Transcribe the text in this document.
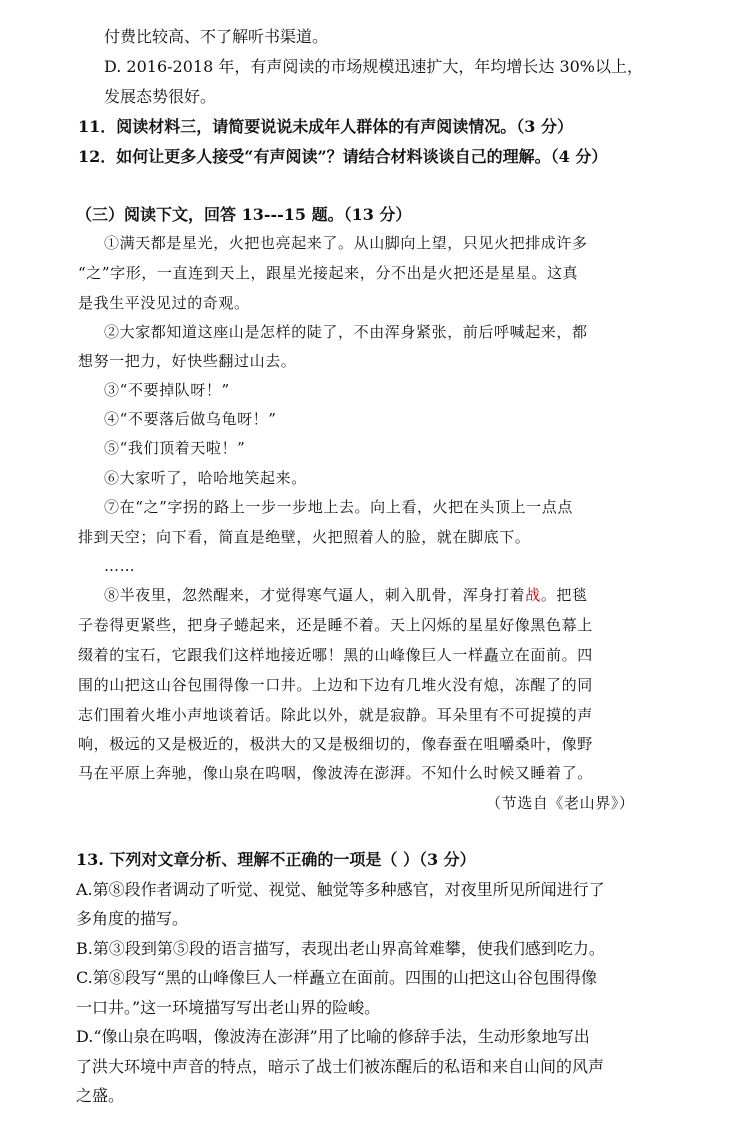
付费比较高、不了解听书渠道。
D. 2016-2018 年，有声阅读的市场规模迅速扩大，年均增长达 30%以上，
发展态势很好。
11．阅读材料三，请简要说说未成年人群体的有声阅读情况。（3 分）
12．如何让更多人接受“有声阅读”？请结合材料谈谈自己的理解。（4 分）
（三）阅读下文，回答 13---15 题。（13 分）
①满天都是星光，火把也亮起来了。从山脚向上望，只见火把排成许多
“之”字形，一直连到天上，跟星光接起来，分不出是火把还是星星。这真
是我生平没见过的奇观。
②大家都知道这座山是怎样的陡了，不由浑身紧张，前后呼喊起来，都
想努一把力，好快些翻过山去。
③“不要掉队呀！”
④“不要落后做乌龟呀！”
⑤“我们顶着天啦！”
⑥大家听了，哈哈地笑起来。
⑦在“之”字拐的路上一步一步地上去。向上看，火把在头顶上一点点
排到天空；向下看，简直是绝壁，火把照着人的脸，就在脚底下。
……
⑧半夜里，忽然醒来，才觉得寒气逼人，刺入肌骨，浑身打着战。把毯
子卷得更紧些，把身子蜷起来，还是睡不着。天上闪烁的星星好像黑色幕上
缀着的宝石，它跟我们这样地接近哪！黑的山峰像巨人一样矗立在面前。四
围的山把这山谷包围得像一口井。上边和下边有几堆火没有熄，冻醒了的同
志们围着火堆小声地谈着话。除此以外，就是寂静。耳朵里有不可捉摸的声
响，极远的又是极近的，极洪大的又是极细切的，像春蚕在咀嚼桑叶，像野
马在平原上奔驰，像山泉在呜咽，像波涛在澎湃。不知什么时候又睡着了。
（节选自《老山界》）
13. 下列对文章分析、理解不正确的一项是（ ）（3 分）
A.第⑧段作者调动了听觉、视觉、触觉等多种感官，对夜里所见所闻进行了
多角度的描写。
B.第③段到第⑤段的语言描写，表现出老山界高耸难攀，使我们感到吃力。
C.第⑧段写“黑的山峰像巨人一样矗立在面前。四围的山把这山谷包围得像
一口井。”这一环境描写写出老山界的险峻。
D.“像山泉在呜咽，像波涛在澎湃”用了比喻的修辞手法，生动形象地写出
了洪大环境中声音的特点，暗示了战士们被冻醒后的私语和来自山间的风声
之盛。
